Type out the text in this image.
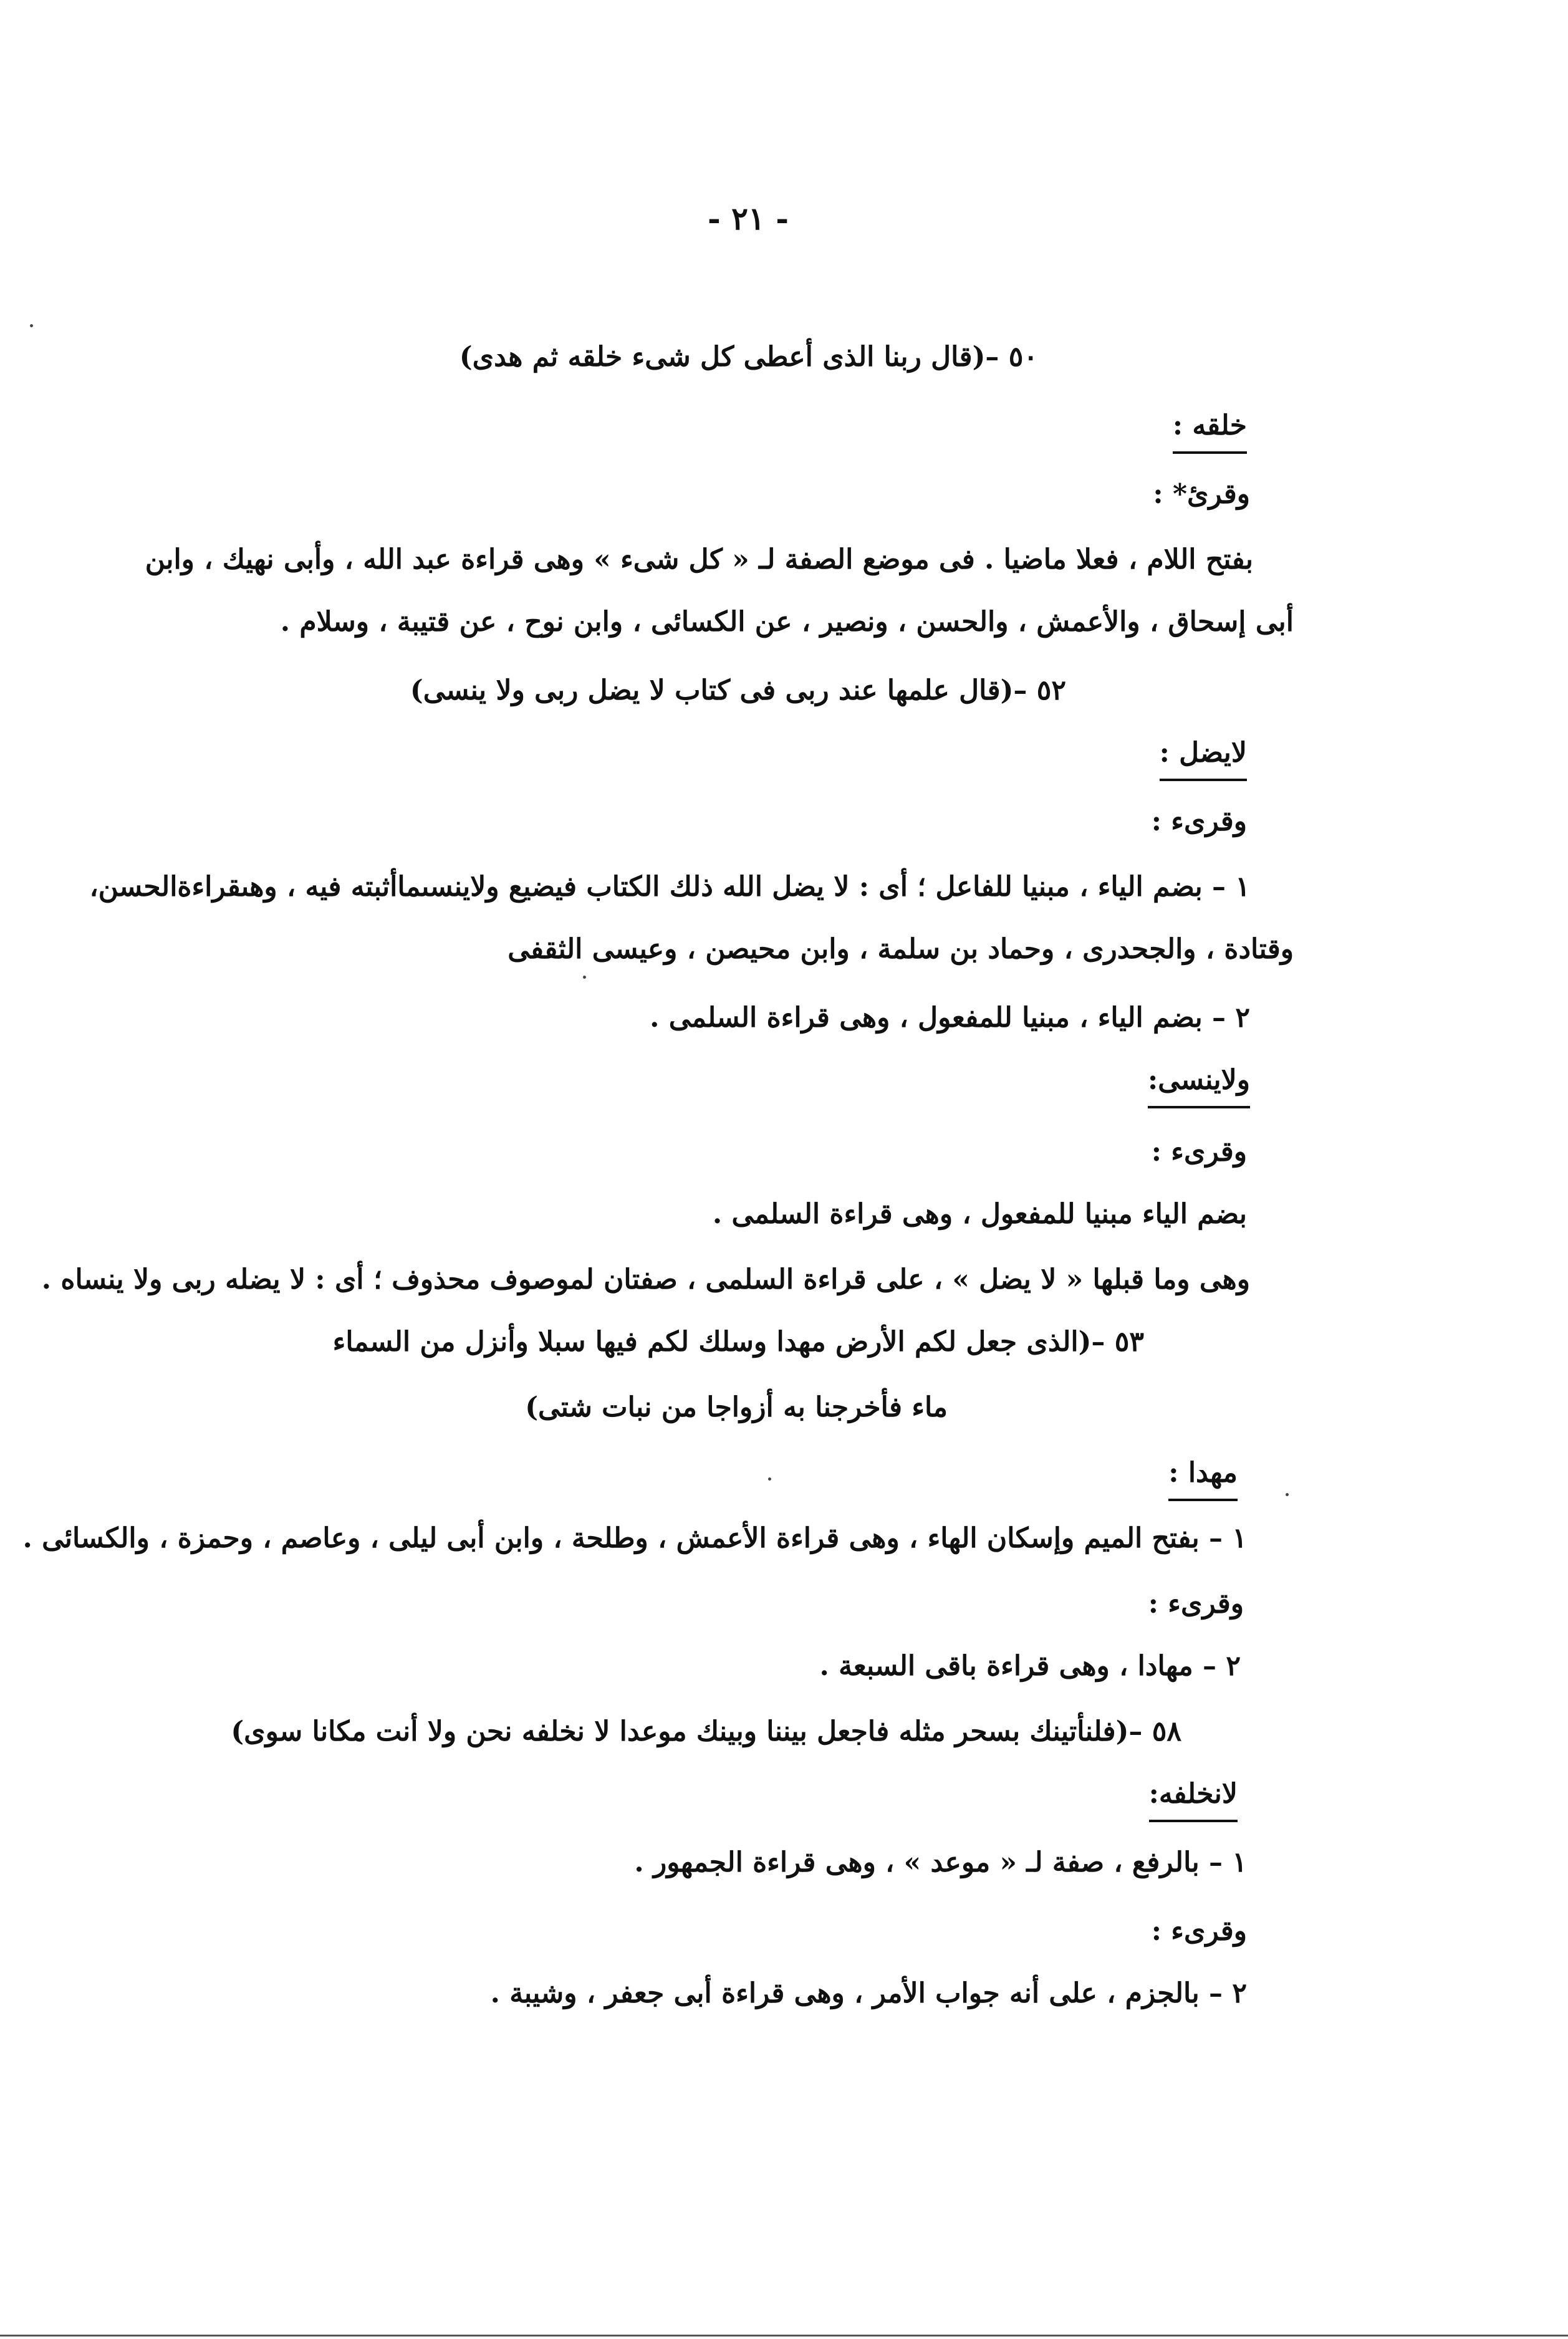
- ٢١ -
٥٠ –(قال ربنا الذى أعطى كل شىء خلقه ثم هدى)
خلقه :
وقرئ* :
بفتح اللام ، فعلا ماضيا . فى موضع الصفة لـ « كل شىء » وهى قراءة عبد الله ، وأبى نهيك ، وابن
أبى إسحاق ، والأعمش ، والحسن ، ونصير ، عن الكسائى ، وابن نوح ، عن قتيبة ، وسلام .
٥٢ –(قال علمها عند ربى فى كتاب لا يضل ربى ولا ينسى)
لايضل :
وقرىء :
١ – بضم الياء ، مبنيا للفاعل ؛ أى : لا يضل الله ذلك الكتاب فيضيع ولاينسىماأثبته فيه ، وهىقراءةالحسن،
وقتادة ، والجحدرى ، وحماد بن سلمة ، وابن محيصن ، وعيسى الثقفى
٢ – بضم الياء ، مبنيا للمفعول ، وهى قراءة السلمى .
ولاينسى:
وقرىء :
بضم الياء مبنيا للمفعول ، وهى قراءة السلمى .
وهى وما قبلها « لا يضل » ، على قراءة السلمى ، صفتان لموصوف محذوف ؛ أى : لا يضله ربى ولا ينساه .
٥٣ –(الذى جعل لكم الأرض مهدا وسلك لكم فيها سبلا وأنزل من السماء
ماء فأخرجنا به أزواجا من نبات شتى)
مهدا :
١ – بفتح الميم وإسكان الهاء ، وهى قراءة الأعمش ، وطلحة ، وابن أبى ليلى ، وعاصم ، وحمزة ، والكسائى .
وقرىء :
٢ – مهادا ، وهى قراءة باقى السبعة .
٥٨ –(فلنأتينك بسحر مثله فاجعل بيننا وبينك موعدا لا نخلفه نحن ولا أنت مكانا سوى)
لانخلفه:
١ – بالرفع ، صفة لـ « موعد » ، وهى قراءة الجمهور .
وقرىء :
٢ – بالجزم ، على أنه جواب الأمر ، وهى قراءة أبى جعفر ، وشيبة .
